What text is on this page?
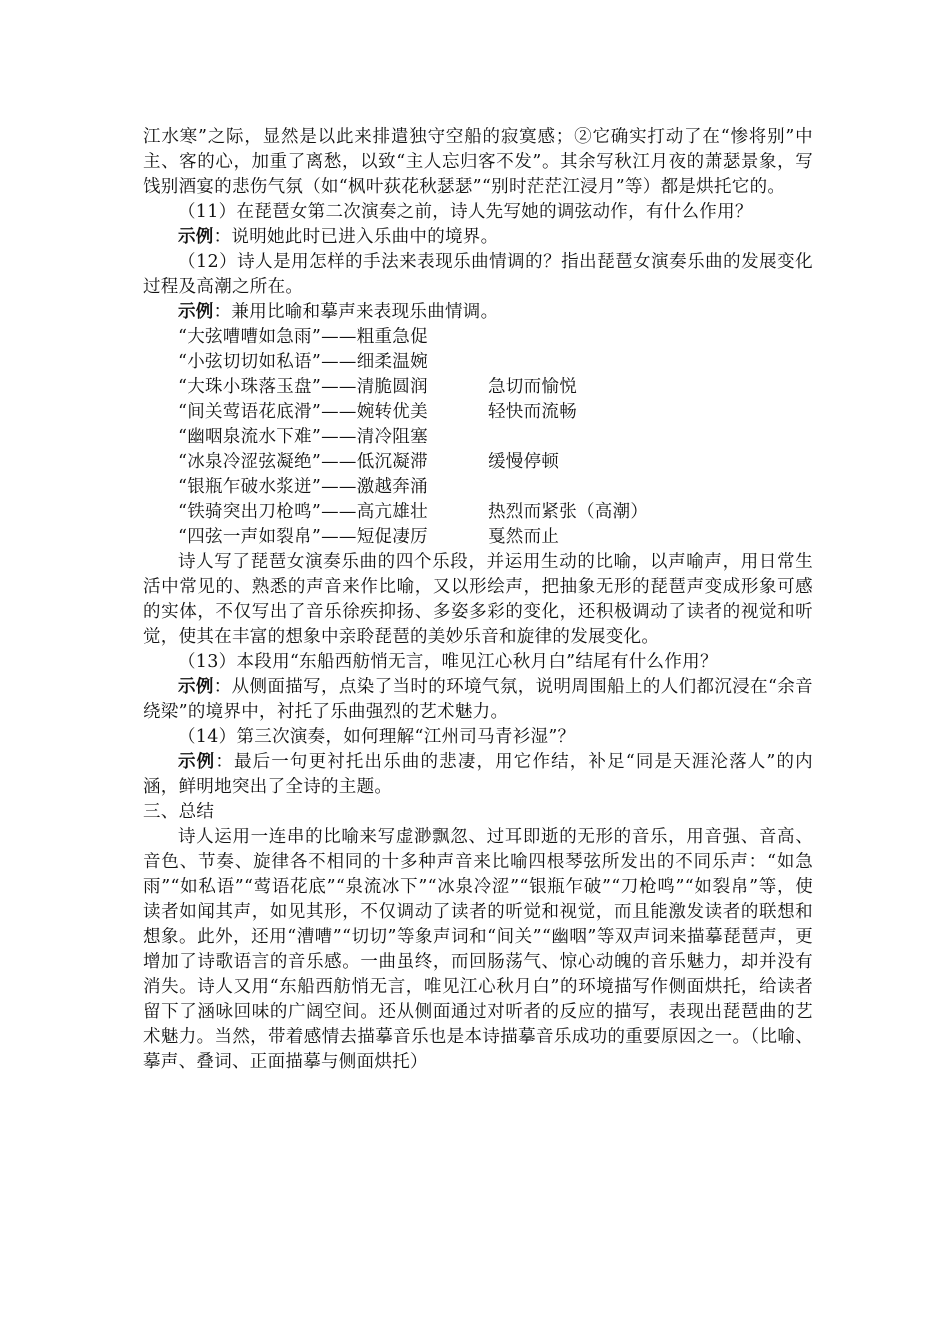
江水寒”之际，显然是以此来排遣独守空船的寂寞感；②它确实打动了在“惨将别”中主、客的心，加重了离愁，以致“主人忘归客不发”。其余写秋江月夜的萧瑟景象，写饯别酒宴的悲伤气氛（如“枫叶荻花秋瑟瑟”“别时茫茫江浸月”等）都是烘托它的。

（11）在琵琶女第二次演奏之前，诗人先写她的调弦动作，有什么作用？

示例：说明她此时已进入乐曲中的境界。

（12）诗人是用怎样的手法来表现乐曲情调的？指出琵琶女演奏乐曲的发展变化过程及高潮之所在。

示例：兼用比喻和摹声来表现乐曲情调。

“大弦嘈嘈如急雨”——粗重急促

“小弦切切如私语”——细柔温婉

“大珠小珠落玉盘”——清脆圆润	急切而愉悦

“间关莺语花底滑”——婉转优美	轻快而流畅

“幽咽泉流水下难”——清冷阻塞

“冰泉冷涩弦凝绝”——低沉凝滞	缓慢停顿

“银瓶乍破水浆迸”——激越奔涌

“铁骑突出刀枪鸣”——高亢雄壮	热烈而紧张（高潮）

“四弦一声如裂帛”——短促凄厉	戛然而止

诗人写了琵琶女演奏乐曲的四个乐段，并运用生动的比喻，以声喻声，用日常生活中常见的、熟悉的声音来作比喻，又以形绘声，把抽象无形的琵琶声变成形象可感的实体，不仅写出了音乐徐疾抑扬、多姿多彩的变化，还积极调动了读者的视觉和听觉，使其在丰富的想象中亲聆琵琶的美妙乐音和旋律的发展变化。

（13）本段用“东船西舫悄无言，唯见江心秋月白”结尾有什么作用？

示例：从侧面描写，点染了当时的环境气氛，说明周围船上的人们都沉浸在“余音绕梁”的境界中，衬托了乐曲强烈的艺术魅力。

（14）第三次演奏，如何理解“江州司马青衫湿”？

示例：最后一句更衬托出乐曲的悲凄，用它作结，补足“同是天涯沦落人”的内涵，鲜明地突出了全诗的主题。

三、总结

诗人运用一连串的比喻来写虚渺飘忽、过耳即逝的无形的音乐，用音强、音高、音色、节奏、旋律各不相同的十多种声音来比喻四根琴弦所发出的不同乐声：“如急雨”“如私语”“莺语花底”“泉流冰下”“冰泉冷涩”“银瓶乍破”“刀枪鸣”“如裂帛”等，使读者如闻其声，如见其形，不仅调动了读者的听觉和视觉，而且能激发读者的联想和想象。此外，还用“漕嘈”“切切”等象声词和“间关”“幽咽”等双声词来描摹琵琶声，更增加了诗歌语言的音乐感。一曲虽终，而回肠荡气、惊心动魄的音乐魅力，却并没有消失。诗人又用“东船西舫悄无言，唯见江心秋月白”的环境描写作侧面烘托，给读者留下了涵咏回味的广阔空间。还从侧面通过对听者的反应的描写，表现出琵琶曲的艺术魅力。当然，带着感情去描摹音乐也是本诗描摹音乐成功的重要原因之一。（比喻、摹声、叠词、正面描摹与侧面烘托）
